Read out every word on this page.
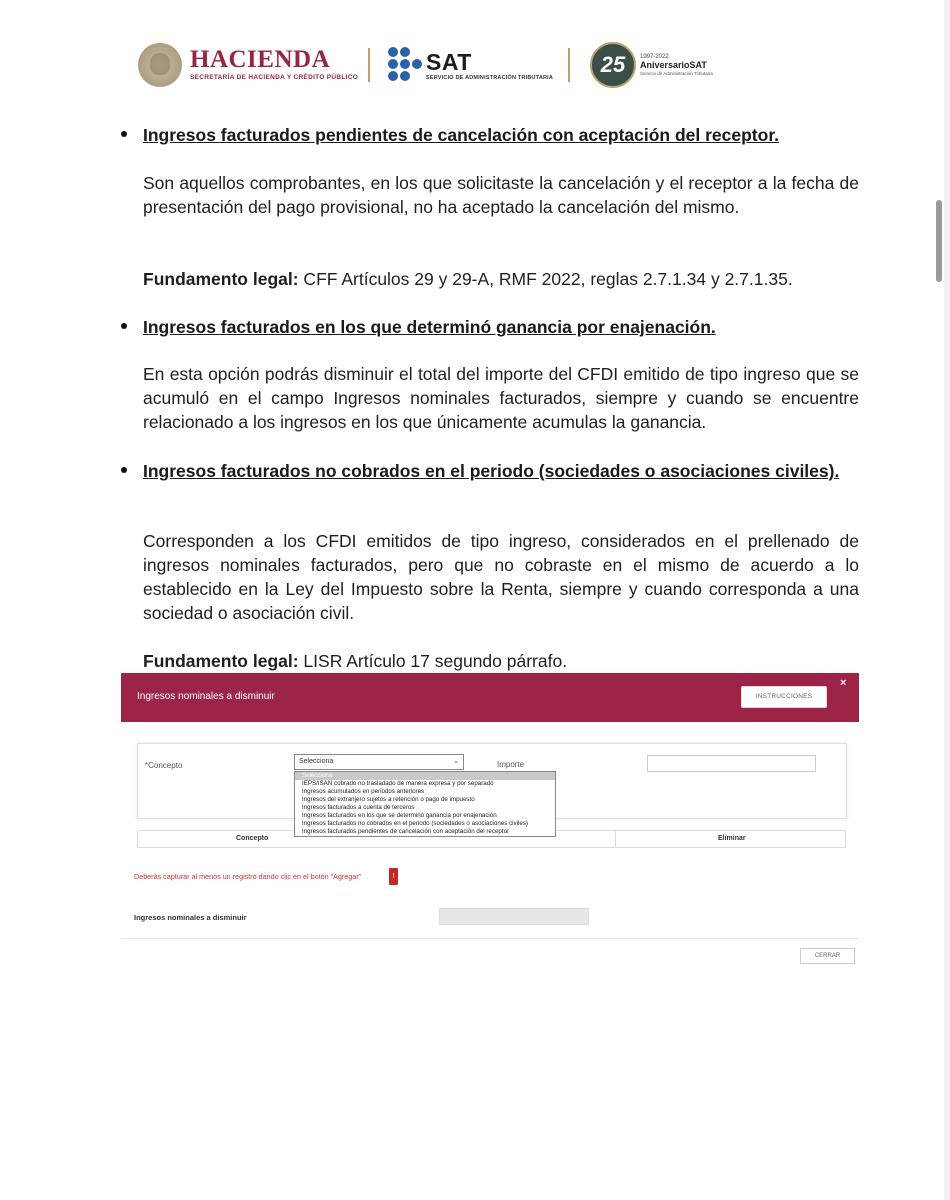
HACIENDA
SECRETARÍA DE HACIENDA Y CRÉDITO PÚBLICO
SAT
SERVICIO DE ADMINISTRACIÓN TRIBUTARIA
25	1997-2022
AniversarioSAT
Servicio de Administración Tributaria
Ingresos facturados pendientes de cancelación con aceptación del receptor.
Son aquellos comprobantes, en los que solicitaste la cancelación y el receptor a la fecha de presentación del pago provisional, no ha aceptado la cancelación del mismo.
Fundamento legal: CFF Artículos 29 y 29-A, RMF 2022, reglas 2.7.1.34 y 2.7.1.35.
Ingresos facturados en los que determinó ganancia por enajenación.
En esta opción podrás disminuir el total del importe del CFDI emitido de tipo ingreso que se acumuló en el campo Ingresos nominales facturados, siempre y cuando se encuentre relacionado a los ingresos en los que únicamente acumulas la ganancia.
Ingresos facturados no cobrados en el periodo (sociedades o asociaciones civiles).
Corresponden a los CFDI emitidos de tipo ingreso, considerados en el prellenado de ingresos nominales facturados, pero que no cobraste en el mismo de acuerdo a lo establecido en la Ley del Impuesto sobre la Renta, siempre y cuando corresponda a una sociedad o asociación civil.
Fundamento legal: LISR Artículo 17 segundo párrafo.
Ingresos nominales a disminuir	INSTRUCCIONES
×
*Concepto	Selecciona	⌄	Importe
Concepto	Eliminar
Selecciona
IEPS/ISAN cobrado no trasladado de manera expresa y por separado
Ingresos acumulados en periodos anteriores
Ingresos del extranjero sujetos a retención o pago de impuesto
Ingresos facturados a cuenta de terceros
Ingresos facturados en los que se determinó ganancia por enajenación
Ingresos facturados no cobrados en el periodo (sociedades o asociaciones civiles)
Ingresos facturados pendientes de cancelación con aceptación del receptor
Deberás capturar al menos un registro dando clic en el botón "Agregar"	!
Ingresos nominales a disminuir
CERRAR
